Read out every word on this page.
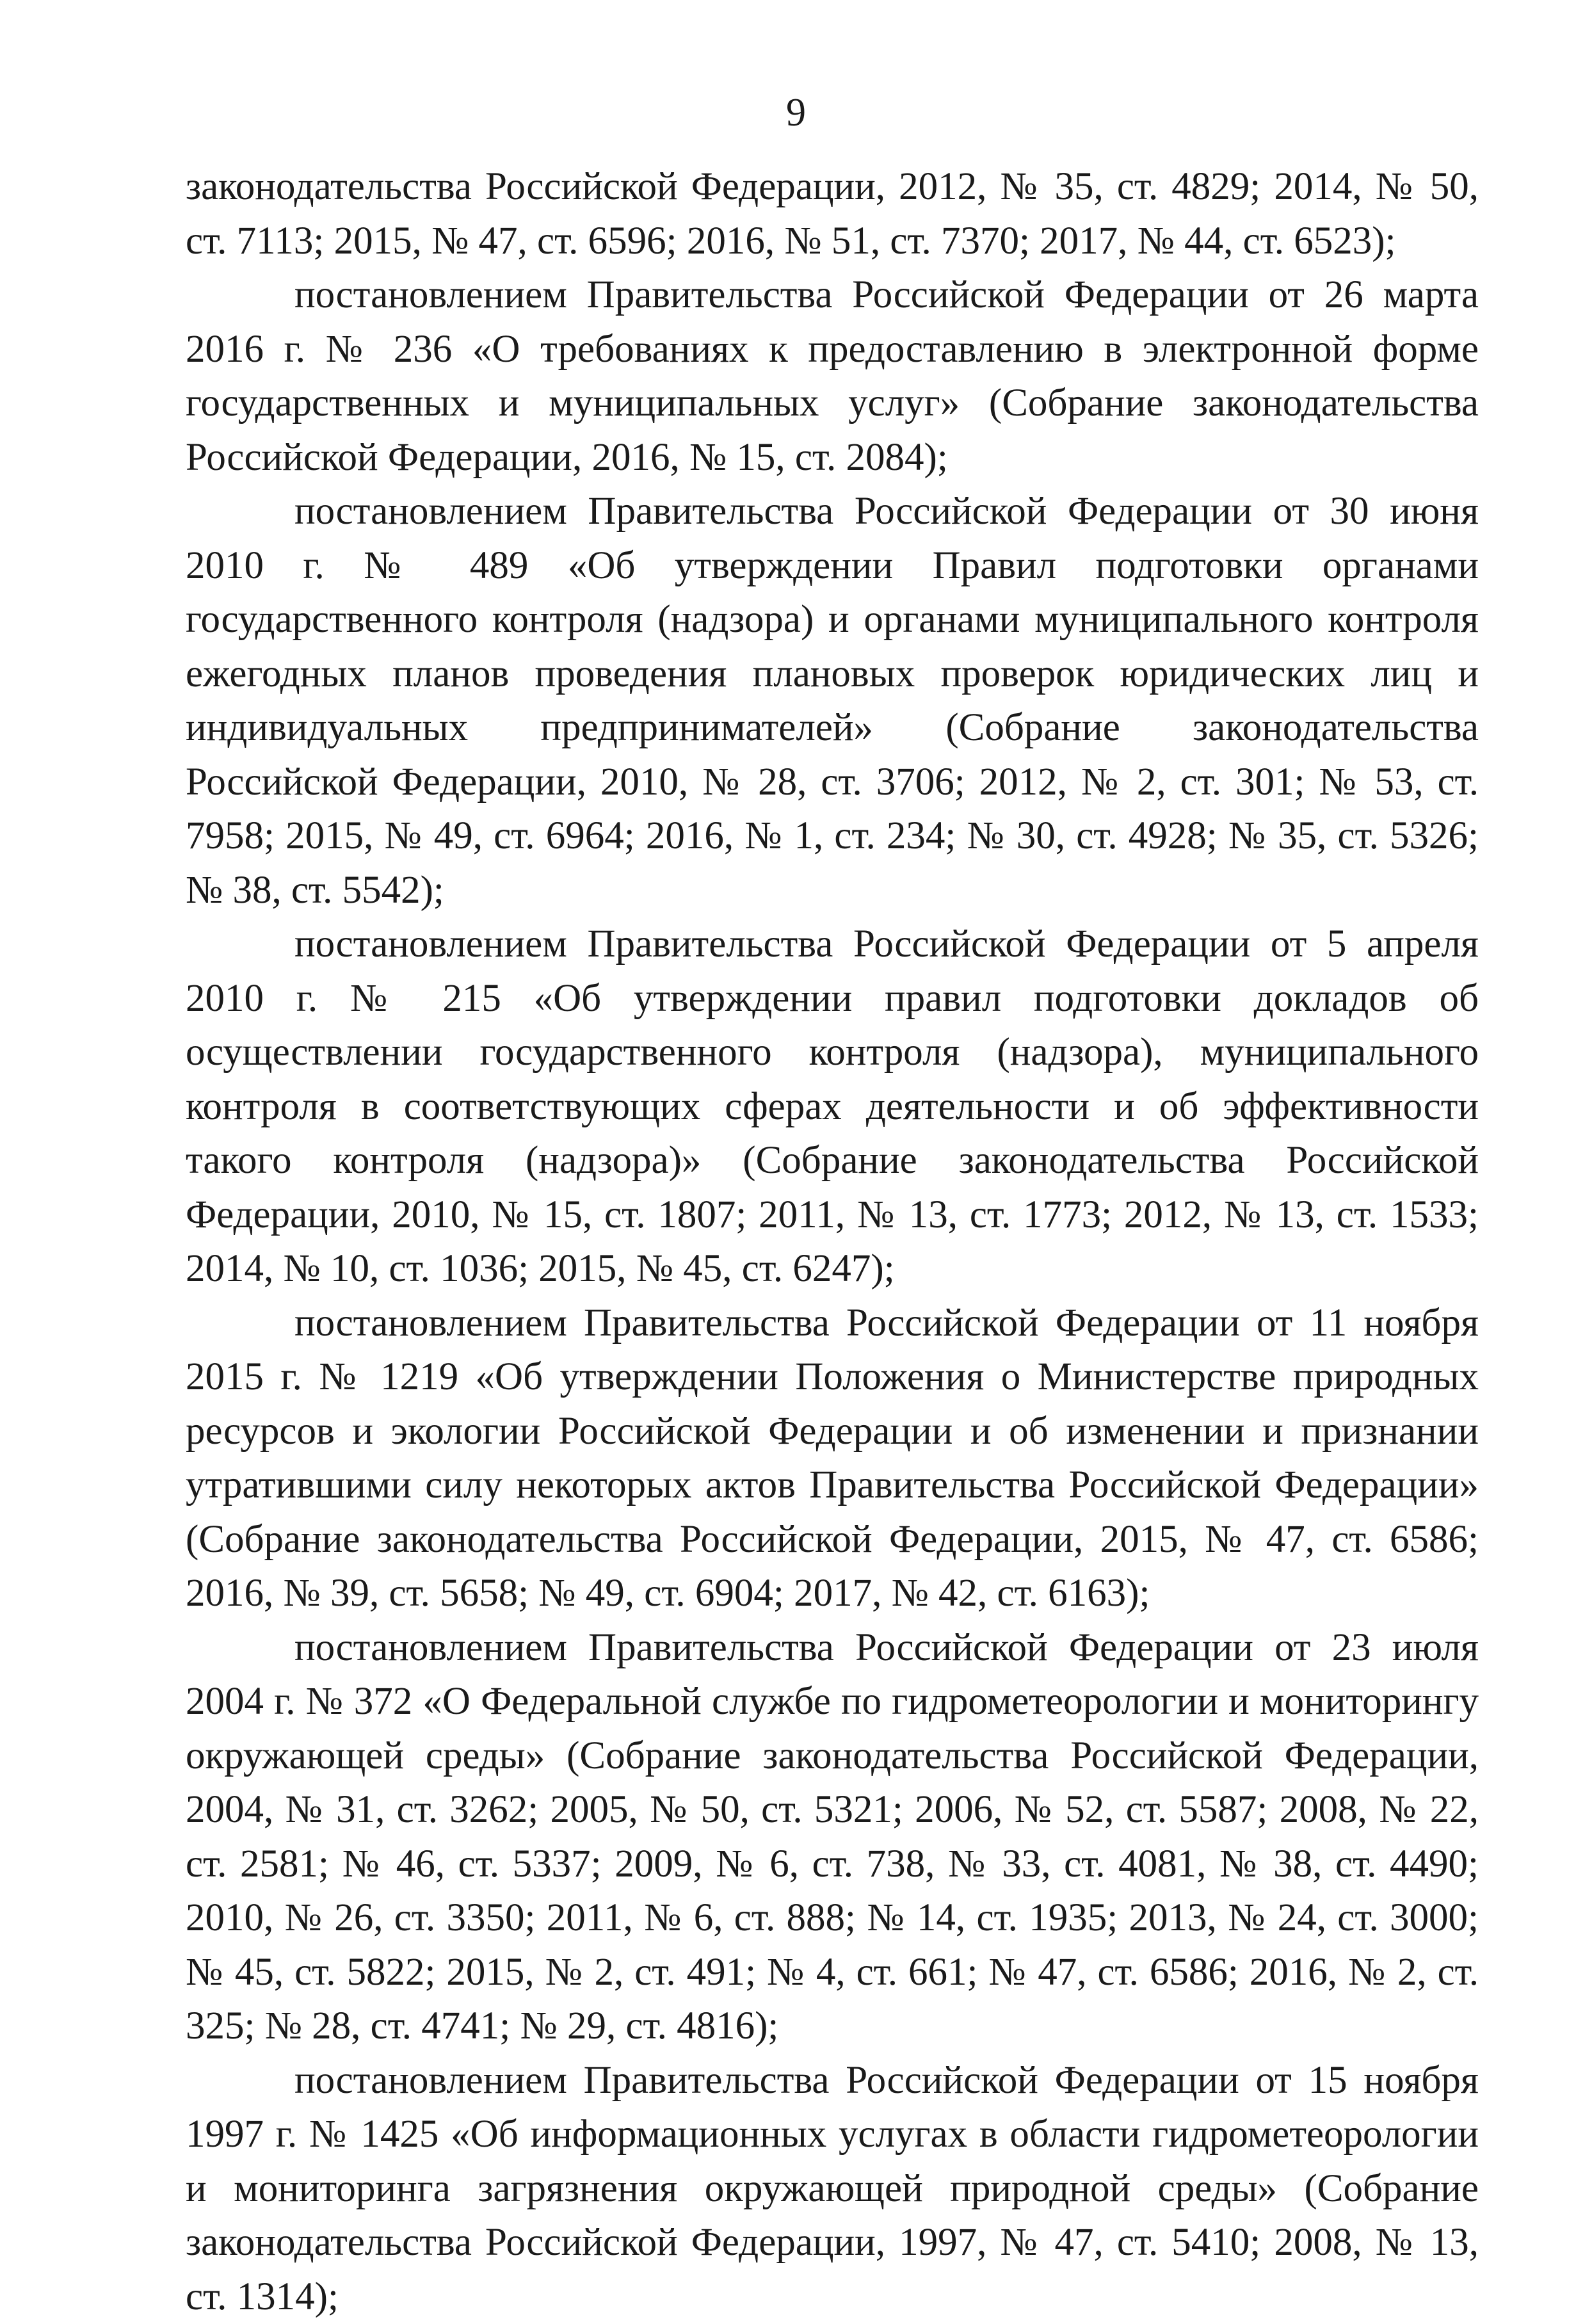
9

законодательства Российской Федерации, 2012, № 35, ст. 4829; 2014, № 50, ст. 7113; 2015, № 47, ст. 6596; 2016, № 51, ст. 7370; 2017, № 44, ст. 6523);

постановлением Правительства Российской Федерации от 26 марта 2016 г. № 236 «О требованиях к предоставлению в электронной форме государственных и муниципальных услуг» (Собрание законодательства Российской Федерации, 2016, № 15, ст. 2084);

постановлением Правительства Российской Федерации от 30 июня 2010 г. № 489 «Об утверждении Правил подготовки органами государственного контроля (надзора) и органами муниципального контроля ежегодных планов проведения плановых проверок юридических лиц и индивидуальных предпринимателей» (Собрание законодательства Российской Федерации, 2010, № 28, ст. 3706; 2012, № 2, ст. 301; № 53, ст. 7958; 2015, № 49, ст. 6964; 2016, № 1, ст. 234; № 30, ст. 4928; № 35, ст. 5326; № 38, ст. 5542);

постановлением Правительства Российской Федерации от 5 апреля 2010 г. № 215 «Об утверждении правил подготовки докладов об осуществлении государственного контроля (надзора), муниципального контроля в соответствующих сферах деятельности и об эффективности такого контроля (надзора)» (Собрание законодательства Российской Федерации, 2010, № 15, ст. 1807; 2011, № 13, ст. 1773; 2012, № 13, ст. 1533; 2014, № 10, ст. 1036; 2015, № 45, ст. 6247);

постановлением Правительства Российской Федерации от 11 ноября 2015 г. № 1219 «Об утверждении Положения о Министерстве природных ресурсов и экологии Российской Федерации и об изменении и признании утратившими силу некоторых актов Правительства Российской Федерации» (Собрание законодательства Российской Федерации, 2015, № 47, ст. 6586; 2016, № 39, ст. 5658; № 49, ст. 6904; 2017, № 42, ст. 6163);

постановлением Правительства Российской Федерации от 23 июля 2004 г. № 372 «О Федеральной службе по гидрометеорологии и мониторингу окружающей среды» (Собрание законодательства Российской Федерации, 2004, № 31, ст. 3262; 2005, № 50, ст. 5321; 2006, № 52, ст. 5587; 2008, № 22, ст. 2581; № 46, ст. 5337; 2009, № 6, ст. 738, № 33, ст. 4081, № 38, ст. 4490; 2010, № 26, ст. 3350; 2011, № 6, ст. 888; № 14, ст. 1935; 2013, № 24, ст. 3000; № 45, ст. 5822; 2015, № 2, ст. 491; № 4, ст. 661; № 47, ст. 6586; 2016, № 2, ст. 325; № 28, ст. 4741; № 29, ст. 4816);

постановлением Правительства Российской Федерации от 15 ноября 1997 г. № 1425 «Об информационных услугах в области гидрометеорологии и мониторинга загрязнения окружающей природной среды» (Собрание законодательства Российской Федерации, 1997, № 47, ст. 5410; 2008, № 13, ст. 1314);
